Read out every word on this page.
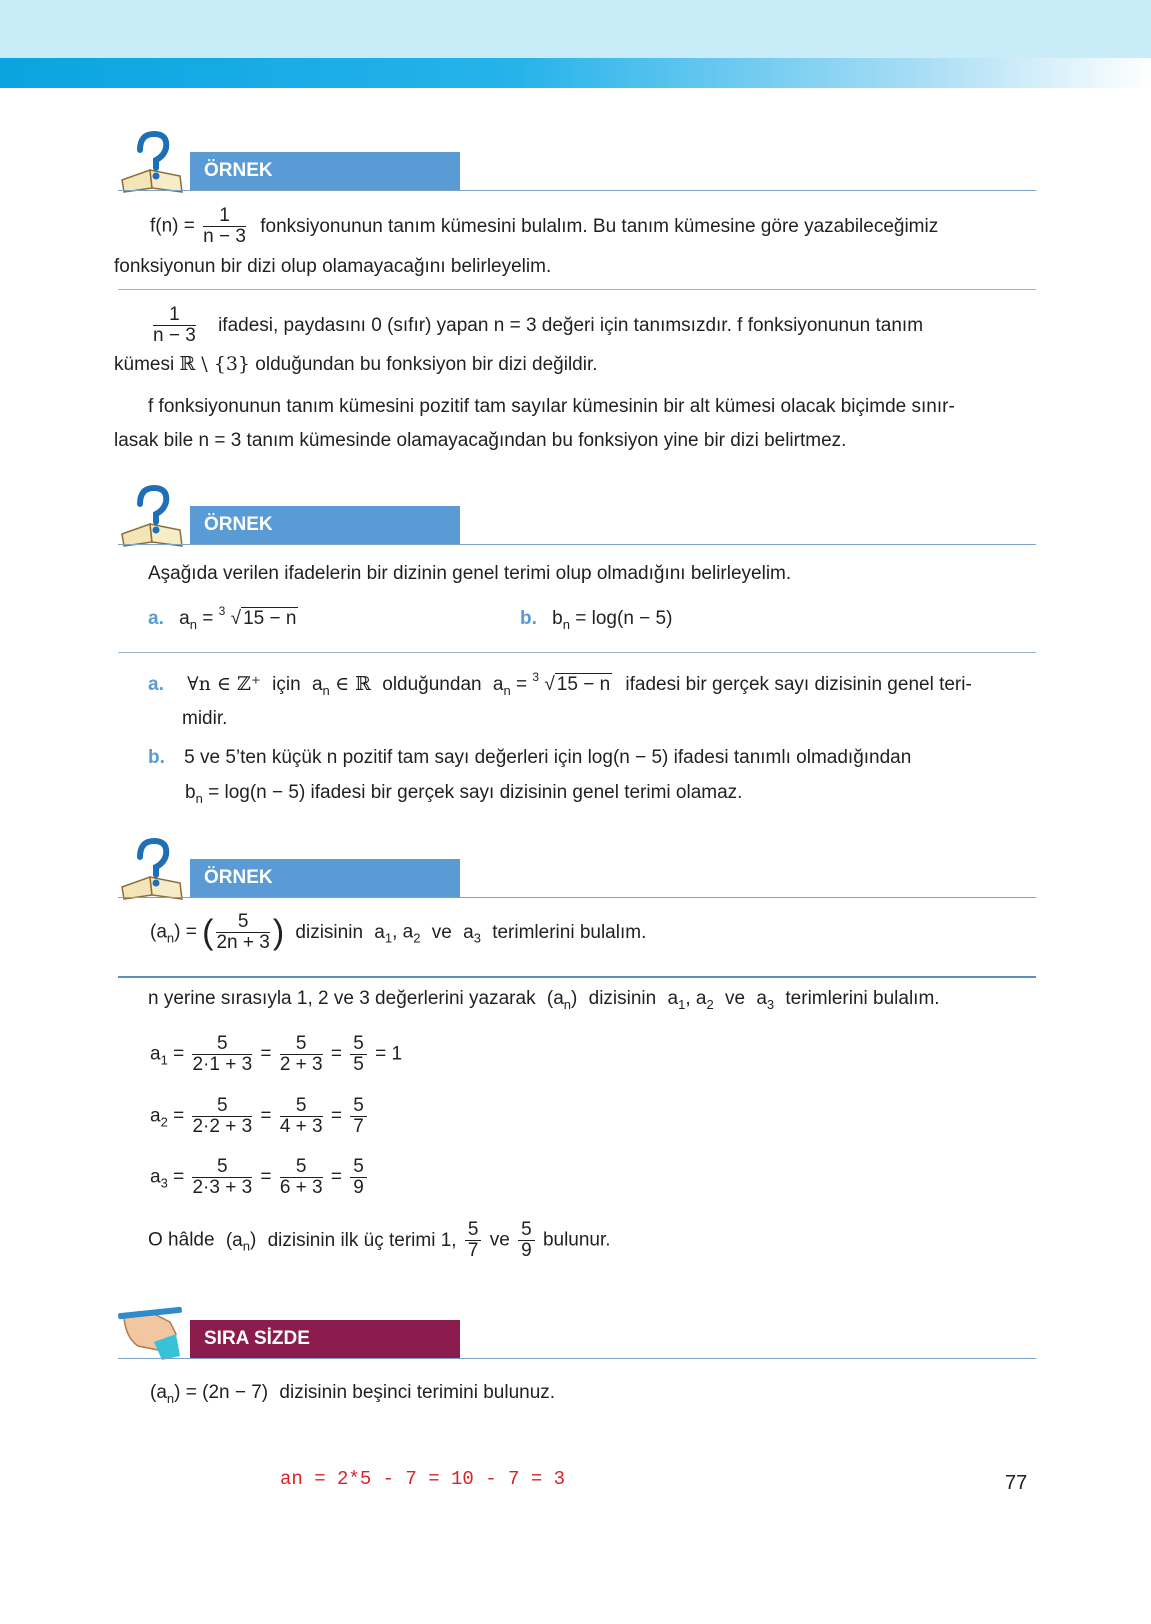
ÖRNEK

$f(n) = \frac{1}{n - 3}$ fonksiyonunun tanım kümesini bulalım. Bu tanım kümesine göre yazabileceğimiz

fonksiyonun bir dizi olup olamayacağını belirleyelim.

$\frac{1}{n - 3}$ ifadesi, paydasını 0 (sıfır) yapan n = 3 değeri için tanımsızdır. f fonksiyonunun tanım

kümesi ℝ \ {3} olduğundan bu fonksiyon bir dizi değildir.

f fonksiyonunun tanım kümesini pozitif tam sayılar kümesinin bir alt kümesi olacak biçimde sınır-

lasak bile n = 3 tanım kümesinde olamayacağından bu fonksiyon yine bir dizi belirtmez.

ÖRNEK

Aşağıda verilen ifadelerin bir dizinin genel terimi olup olmadığını belirleyelim.

a. $a_n = 3$ √ 15 − n	b. $b_n = \log(n - 5)$

a. ∀n ∈ ℤ⁺ için $a_n$ ∈ ℝ olduğundan $a_n = 3$ √ 15 − n ifadesi bir gerçek sayı dizisinin genel teri-

midir.

b. 5 ve 5’ten küçük n pozitif tam sayı değerleri için log(n − 5) ifadesi tanımlı olmadığından

$b_n = \log(n - 5)$ ifadesi bir gerçek sayı dizisinin genel terimi olamaz.

ÖRNEK

$(a_n)$ = ( $\frac{5}{2n + 3}$ ) dizisinin $a_1$, $a_2$ ve $a_3$ terimlerini bulalım.

n yerine sırasıyla 1, 2 ve 3 değerlerini yazarak $(a_n)$ dizisinin $a_1$, $a_2$ ve $a_3$ terimlerini bulalım.

$a_1 = \frac{5}{2\cdot 1 + 3} = \frac{5}{2 + 3} = \frac{5}{5} = 1$

$a_2 = \frac{5}{2\cdot 2 + 3} = \frac{5}{4 + 3} = \frac{5}{7}$

$a_3 = \frac{5}{2\cdot 3 + 3} = \frac{5}{6 + 3} = \frac{5}{9}$

O hâlde $(a_n)$ dizisinin ilk üç terimi 1, $\frac{5}{7}$ ve $\frac{5}{9}$ bulunur.

SIRA SİZDE

$(a_n) = (2n - 7)$ dizisinin beşinci terimini bulunuz.

an = 2*5 - 7 = 10 - 7 = 3	77
